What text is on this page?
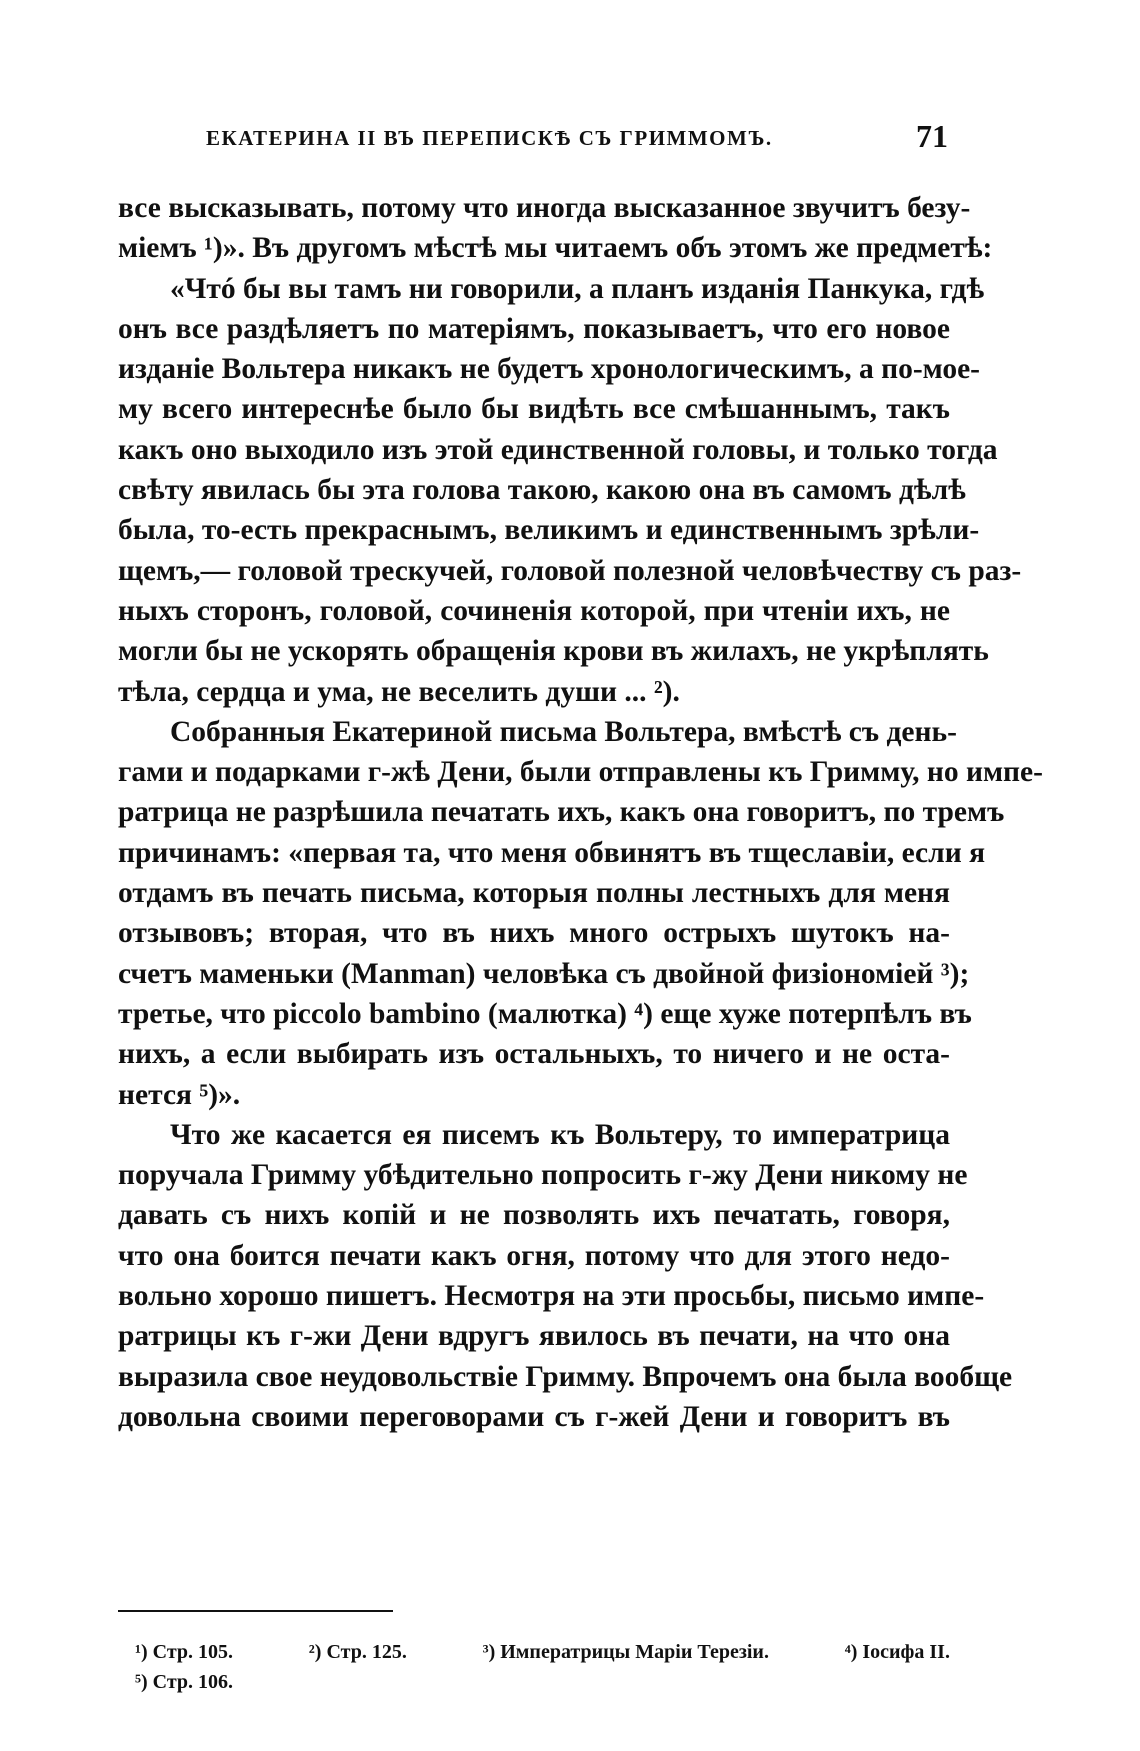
ЕКАТЕРИНА II ВЪ ПЕРЕПИСКѢ СЪ ГРИММОМЪ.	71
все высказывать, потому что иногда высказанное звучитъ безу-
міемъ ¹)». Въ другомъ мѣстѣ мы читаемъ объ этомъ же предметѣ:
«Чтó бы вы тамъ ни говорили, а планъ изданія Панкука, гдѣ
онъ все раздѣляетъ по матеріямъ, показываетъ, что его новое
изданіе Вольтера никакъ не будетъ хронологическимъ, а по-мое-
му всего интереснѣе было бы видѣть все смѣшаннымъ, такъ
какъ оно выходило изъ этой единственной головы, и только тогда
свѣту явилась бы эта голова такою, какою она въ самомъ дѣлѣ
была, то-есть прекраснымъ, великимъ и единственнымъ зрѣли-
щемъ,— головой трескучей, головой полезной человѣчеству съ раз-
ныхъ сторонъ, головой, сочиненія которой, при чтеніи ихъ, не
могли бы не ускорять обращенія крови въ жилахъ, не укрѣплять
тѣла, сердца и ума, не веселить души ... ²).
Собранныя Екатериной письма Вольтера, вмѣстѣ съ день-
гами и подарками г-жѣ Дени, были отправлены къ Гримму, но импе-
ратрица не разрѣшила печатать ихъ, какъ она говоритъ, по тремъ
причинамъ: «первая та, что меня обвинятъ въ тщеславіи, если я
отдамъ въ печать письма, которыя полны лестныхъ для меня
отзывовъ; вторая, что въ нихъ много острыхъ шутокъ на-
счетъ маменьки (Manman) человѣка съ двойной физіономіей ³);
третье, что piccolo bambino (малютка) ⁴) еще хуже потерпѣлъ въ
нихъ, а если выбирать изъ остальныхъ, то ничего и не оста-
нется ⁵)».
Что же касается ея писемъ къ Вольтеру, то императрица
поручала Гримму убѣдительно попросить г-жу Дени никому не
давать съ нихъ копій и не позволять ихъ печатать, говоря,
что она боится печати какъ огня, потому что для этого недо-
вольно хорошо пишетъ. Несмотря на эти просьбы, письмо импе-
ратрицы къ г-жи Дени вдругъ явилось въ печати, на что она
выразила свое неудовольствіе Гримму. Впрочемъ она была вообще
довольна своими переговорами съ г-жей Дени и говоритъ въ
¹) Стр. 105.	²) Стр. 125.	³) Императрицы Маріи Терезіи.	⁴) Іосифа II.
⁵) Стр. 106.
